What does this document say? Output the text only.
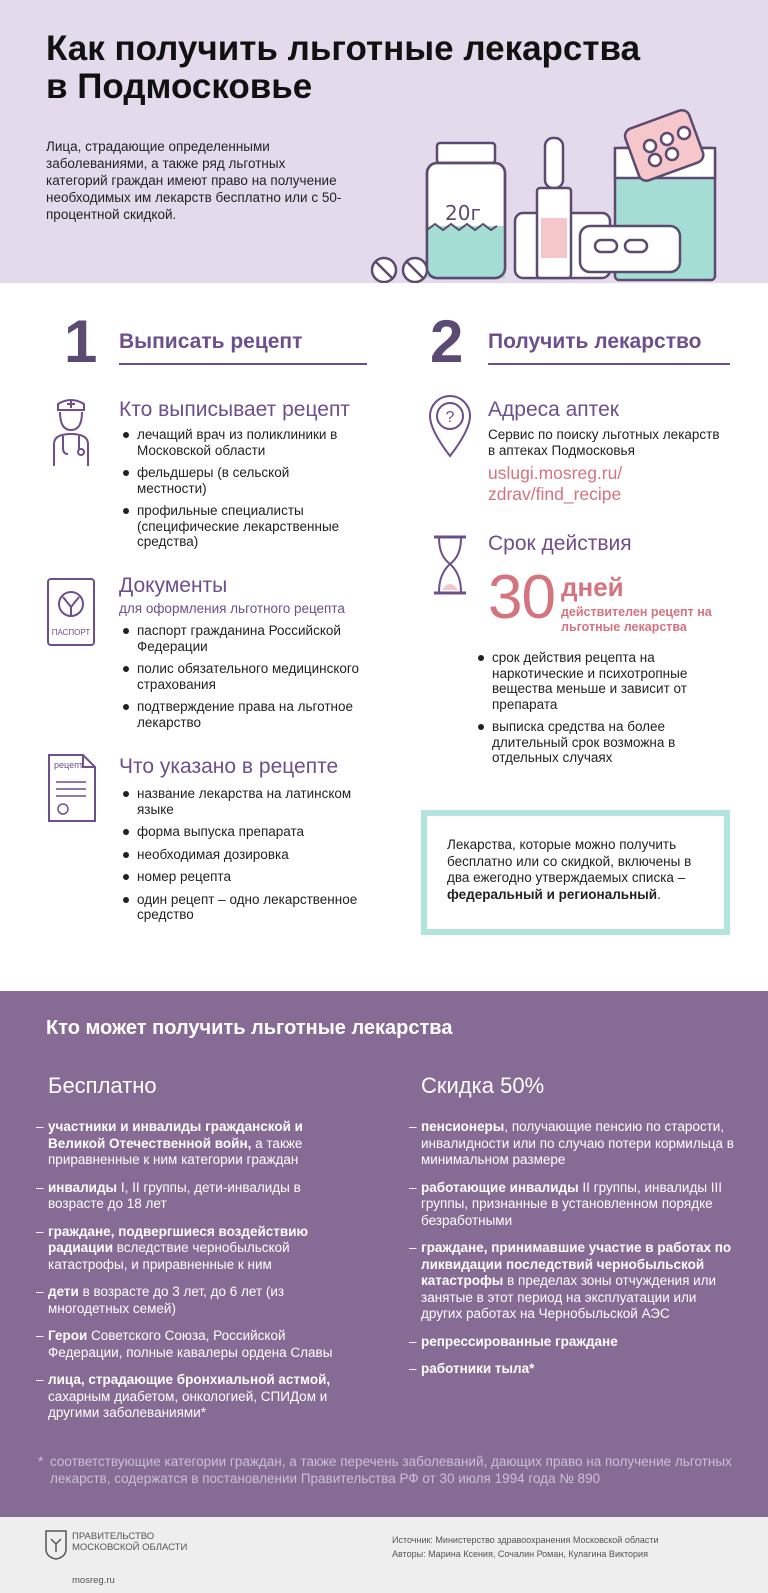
Как получить льготные лекарства
в Подмосковье
Лица, страдающие определенными заболеваниями, а также ряд льготных категорий граждан имеют право на получение необходимых им лекарств бесплатно или с 50-процентной скидкой.	20г
1 Выписать рецепт 2 Получить лекарство
Кто выписывает рецепт
лечащий врач из поликлиники в Московской области
фельдшеры (в сельской местности)
профильные специалисты (специфические лекарственные средства)
ПАСПОРТ
Документы
для оформления льготного рецепта
паспорт гражданина Российской Федерации
полис обязательного медицинского страхования
подтверждение права на льготное лекарство
рецепт Что указано в рецепте
название лекарства на латинском языке
форма выпуска препарата
необходимая дозировка
номер рецепта
один рецепт – одно лекарственное средство
? Адреса аптек
Сервис по поиску льготных лекарств в аптеках Подмосковья
uslugi.mosreg.ru/
zdrav/find_recipe
Срок действия
30 дней
действителен рецепт на льготные лекарства
срок действия рецепта на наркотические и психотропные вещества меньше и зависит от препарата
выписка средства на более длительный срок возможна в отдельных случаях
Лекарства, которые можно получить бесплатно или со скидкой, включены в два ежегодно утверждаемых списка – федеральный и региональный.
Кто может получить льготные лекарства
Бесплатно
– участники и инвалиды гражданской и Великой Отечественной войн, а также приравненные к ним категории граждан
– инвалиды I, II группы, дети-инвалиды в возрасте до 18 лет
– граждане, подвергшиеся воздействию радиации вследствие чернобыльской катастрофы, и приравненные к ним
– дети в возрасте до 3 лет, до 6 лет (из многодетных семей)
– Герои Советского Союза, Российской Федерации, полные кавалеры ордена Славы
– лица, страдающие бронхиальной астмой, сахарным диабетом, онкологией, СПИДом и другими заболеваниями*
Скидка 50%
– пенсионеры, получающие пенсию по старости, инвалидности или по случаю потери кормильца в минимальном размере
– работающие инвалиды II группы, инвалиды III группы, признанные в установленном порядке безработными
– граждане, принимавшие участие в работах по ликвидации последствий чернобыльской катастрофы в пределах зоны отчуждения или занятые в этот период на эксплуатации или других работах на Чернобыльской АЭС
– репрессированные граждане
– работники тыла*
* соответствующие категории граждан, а также перечень заболеваний, дающих право на получение льготных лекарств, содержатся в постановлении Правительства РФ от 30 июля 1994 года № 890
ПРАВИТЕЛЬСТВО
МОСКОВСКОЙ ОБЛАСТИ
mosreg.ru
Источник: Министерство здравоохранения Московской области
Авторы: Марина Ксения, Сочалин Роман, Кулагина Виктория
